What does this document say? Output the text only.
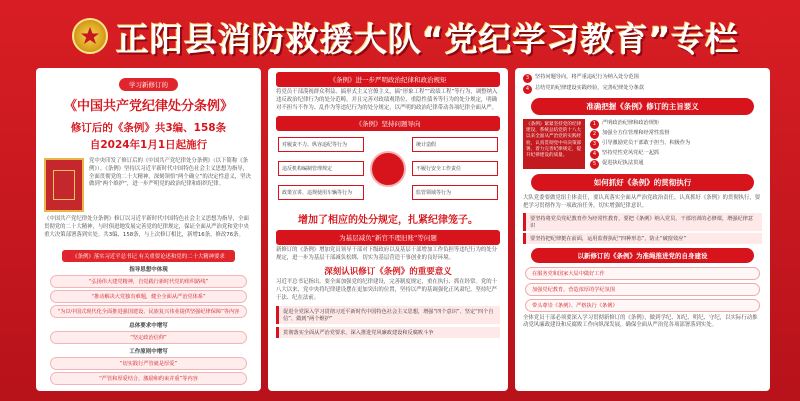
正阳县消防救援大队“党纪学习教育”专栏
学习新修订的
《中国共产党纪律处分条例》
修订后的《条例》共3编、158条
自2024年1月1日起施行
党中央印发了修订后的《中国共产党纪律处分条例》（以下简称《条例》）。《条例》坚持以习近平新时代中国特色社会主义思想为指导，全面贯彻党的二十大精神，深刻领悟“两个确立”的决定性意义，坚决做到“两个维护”，进一步严明党的政治纪律和组织纪律。
《中国共产党纪律处分条例》修订以习近平新时代中国特色社会主义思想为指导，全面贯彻党的二十大精神，与时俱进地发展完善党的纪律规定，保证全面从严治党和党中央重大决策部署落到实处。共3编、158条，与上次修订相比，新增16条，修改76条。
《条例》落实习近平总书记 有关重要论述和党的二十大精神要求
指导思想中体现
“弘扬伟大建党精神，自觉践行新时代党的组织路线”
“推动解决大党独有难题，健全全面从严治党体系”
“为以中国式现代化全面推进强国建设、民族复兴伟业提供坚强纪律保障”等内容
总体要求中增写
“坚定政治信仰”
工作原则中增写
“切实践行严管就是厚爱”
“严管和厚爱结合，激励和约束并重”等内容
《条例》进一步严明政治纪律和政治规矩
将党员干部漠视群众利益、搞形式主义官僚主义，搞“形象工程”“政绩工程”等行为，调整纳入违反政治纪律行为的处分范畴，并且完善对政绩观错位、重隐性债务等行为的处分规定，明确对不担当不作为、乱作为等违纪行为的处分规定，以严明的政治纪律带动各项纪律全面从严。
《条例》坚持问题导向
对履责不力、纵容违纪等行为
违反机构编制管理规定
政策宣讲、违规使用车辆等行为
统计造假
不履行安全工作责任
监管领域等行为
增加了相应的处分规定，扎紧纪律笼子。
为基层减负“新官不理旧账”等问题
新修订的《条例》增加党员领导干部对下级政府以及基层干部增加工作负担等违纪行为的处分规定，进一步为基层干部减负松绑，切实为基层营造干事创业的良好环境。
深刻认识修订《条例》的重要意义
习近平总书记指出，要全面加强党的纪律建设，完善制度规定，重在执行、抓在经常。党的十八大以来，党中央将纪律建设摆在更加突出的位置，坚持以严的基调强化正风肃纪，坚持纪严于法、纪在法前。
促进全党深入学习贯彻习近平新时代中国特色社会主义思想，增强“四个意识”、坚定“四个自信”、做到“两个维护”
贯彻落实全面从严治党要求，深入推进党风廉政建设和反腐败斗争
3	坚持问题导向，将严重违纪行为纳入处分范围
4	总结党的纪律建设实践经验，完善纪律处分条款
准确把握《条例》修订的主旨要义
《条例》紧紧坚持党的纪律建设，系统总结党的十八大以来全面从严治党的实践经验，认真贯彻党中央决策部署，着力完善纪律规定，提升纪律建设的质量。
1	严明政治纪律和政治规矩
2	加强全方位管理和经常性监督
3	引导激励党员干部敢于担当、积极作为
4	坚持党性党风党纪一起抓
5	促进执纪执法贯通
如何抓好《条例》的贯彻执行
大队党委要做党组主体责任，要认真落实全面从严治党政治责任，认真抓好《条例》的贯彻执行，要把学习贯彻作为一项政治任务，切实增强纪律意识。
要坚持将党员党纪教育作为经常性教育，要把《条例》纳入党员、干部培训的必修课，增强纪律意识
要坚持把纪律挺在前面，运用监督执纪“四种形态”，防止“破窗效应”
以新修订的《条例》为准绳推进党的自身建设
在服务党和国家大局中做好工作
加强党纪教育，营造浓厚的学纪氛围
带头尊崇《条例》、严格执行《条例》
全体党员干部必须要深入学习贯彻新修订的《条例》，做到学纪、知纪、明纪、守纪，以实际行动推动党风廉政建设和反腐败工作向纵深发展，确保全面从严治党各项部署落到实处。
